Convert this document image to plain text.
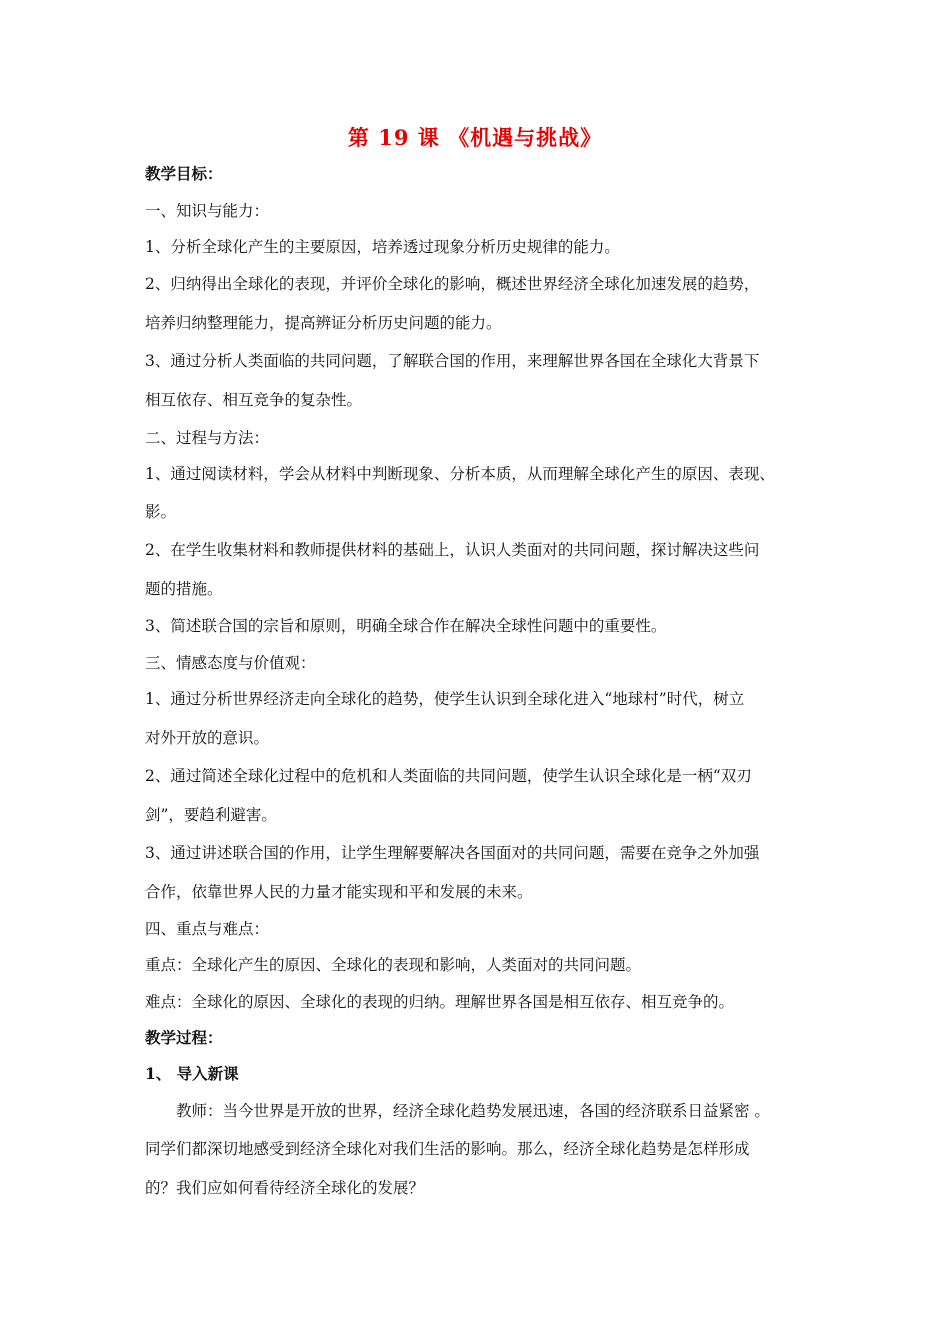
第 19 课 《机遇与挑战》
教学目标：
一、知识与能力：
1、分析全球化产生的主要原因，培养透过现象分析历史规律的能力。
2、归纳得出全球化的表现，并评价全球化的影响，概述世界经济全球化加速发展的趋势，
培养归纳整理能力，提高辨证分析历史问题的能力。
3、通过分析人类面临的共同问题，了解联合国的作用，来理解世界各国在全球化大背景下
相互依存、相互竞争的复杂性。
二、过程与方法：
1、通过阅读材料，学会从材料中判断现象、分析本质，从而理解全球化产生的原因、表现、
影。
2、在学生收集材料和教师提供材料的基础上，认识人类面对的共同问题，探讨解决这些问
题的措施。
3、简述联合国的宗旨和原则，明确全球合作在解决全球性问题中的重要性。
三、情感态度与价值观：
1、通过分析世界经济走向全球化的趋势，使学生认识到全球化进入“地球村”时代，树立
对外开放的意识。
2、通过简述全球化过程中的危机和人类面临的共同问题，使学生认识全球化是一柄“双刃
剑”，要趋利避害。
3、通过讲述联合国的作用，让学生理解要解决各国面对的共同问题，需要在竞争之外加强
合作，依靠世界人民的力量才能实现和平和发展的未来。
四、重点与难点：
重点：全球化产生的原因、全球化的表现和影响，人类面对的共同问题。
难点：全球化的原因、全球化的表现的归纳。理解世界各国是相互依存、相互竞争的。
教学过程：
1、 导入新课
教师：当今世界是开放的世界，经济全球化趋势发展迅速，各国的经济联系日益紧密 。
同学们都深切地感受到经济全球化对我们生活的影响。那么，经济全球化趋势是怎样形成
的？我们应如何看待经济全球化的发展？
